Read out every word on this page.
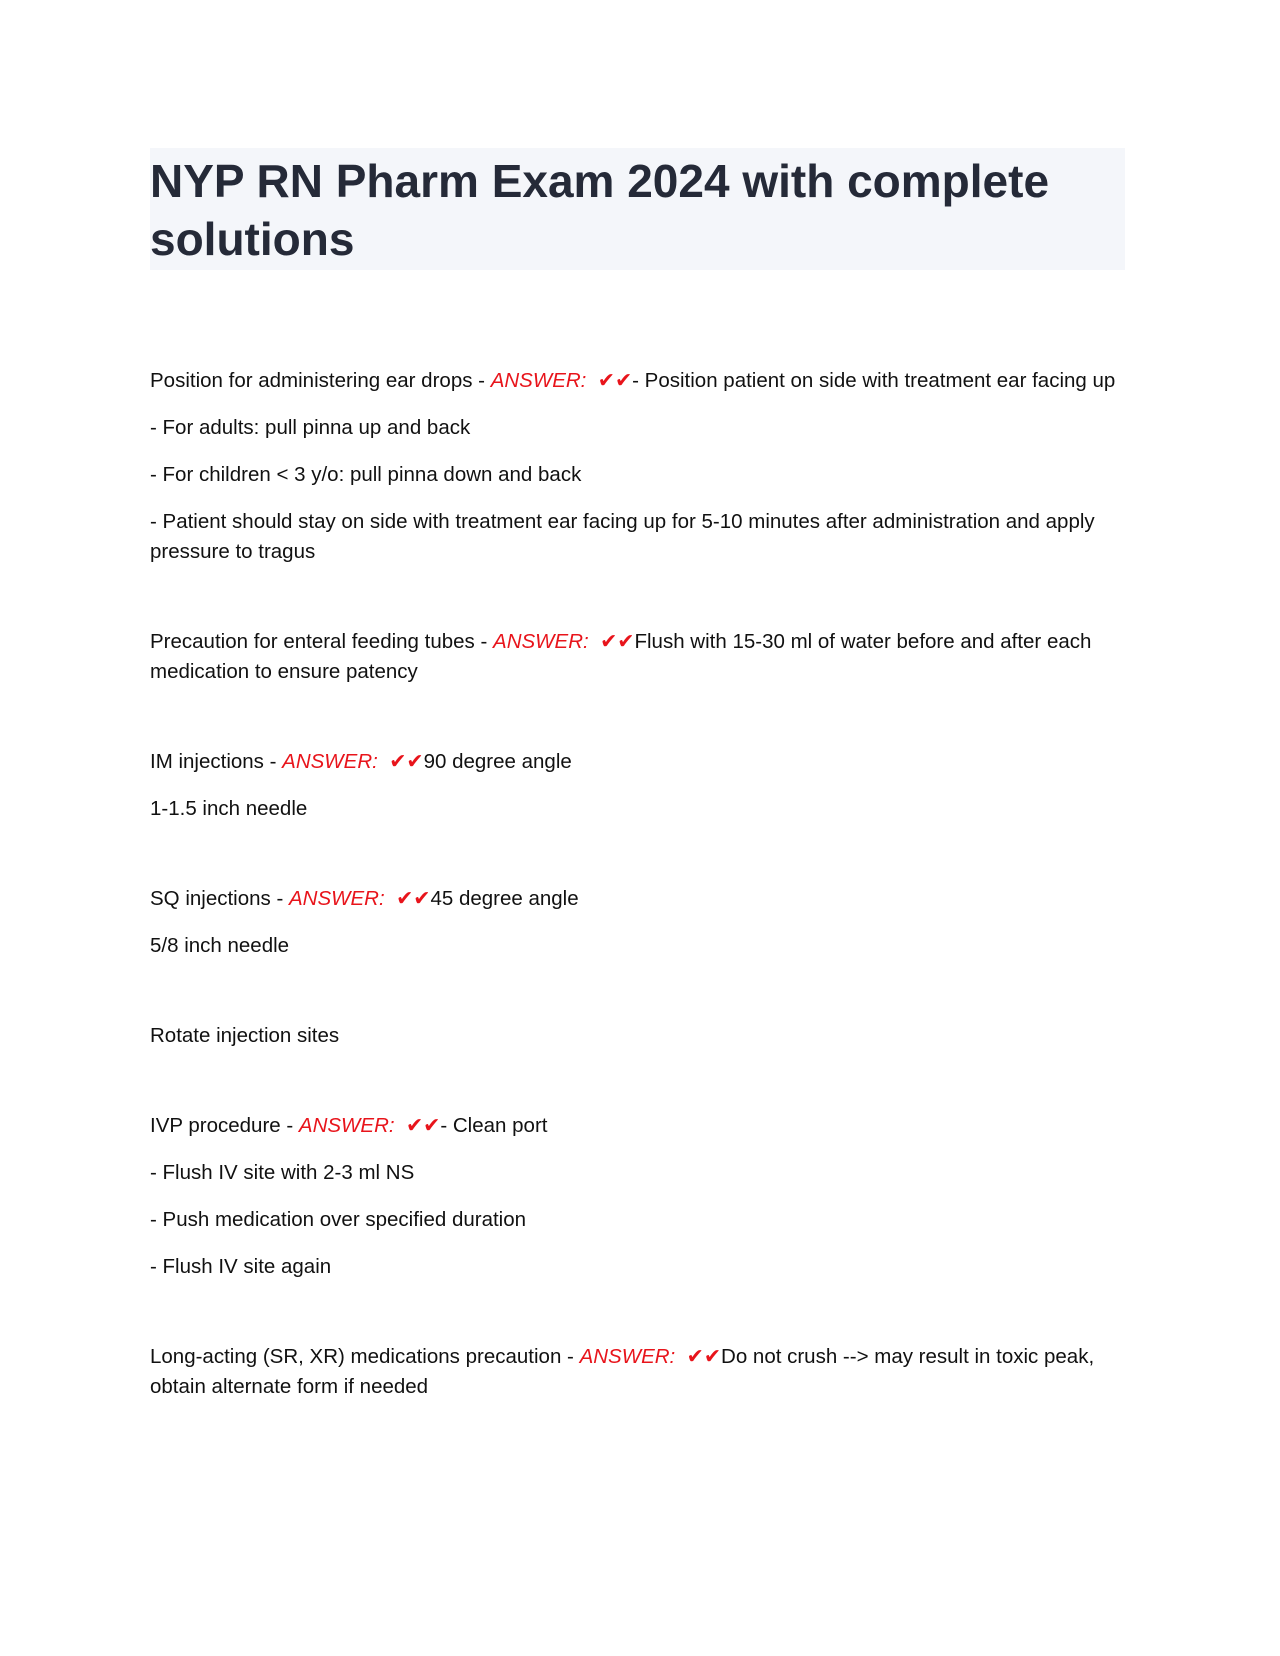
NYP RN Pharm Exam 2024 with complete solutions

Position for administering ear drops - ANSWER: ✔✔- Position patient on side with treatment ear facing up

- For adults: pull pinna up and back

- For children < 3 y/o: pull pinna down and back

- Patient should stay on side with treatment ear facing up for 5-10 minutes after administration and apply pressure to tragus

Precaution for enteral feeding tubes - ANSWER: ✔✔Flush with 15-30 ml of water before and after each medication to ensure patency

IM injections - ANSWER: ✔✔90 degree angle

1-1.5 inch needle

SQ injections - ANSWER: ✔✔45 degree angle

5/8 inch needle

Rotate injection sites

IVP procedure - ANSWER: ✔✔- Clean port

- Flush IV site with 2-3 ml NS

- Push medication over specified duration

- Flush IV site again

Long-acting (SR, XR) medications precaution - ANSWER: ✔✔Do not crush --> may result in toxic peak, obtain alternate form if needed
